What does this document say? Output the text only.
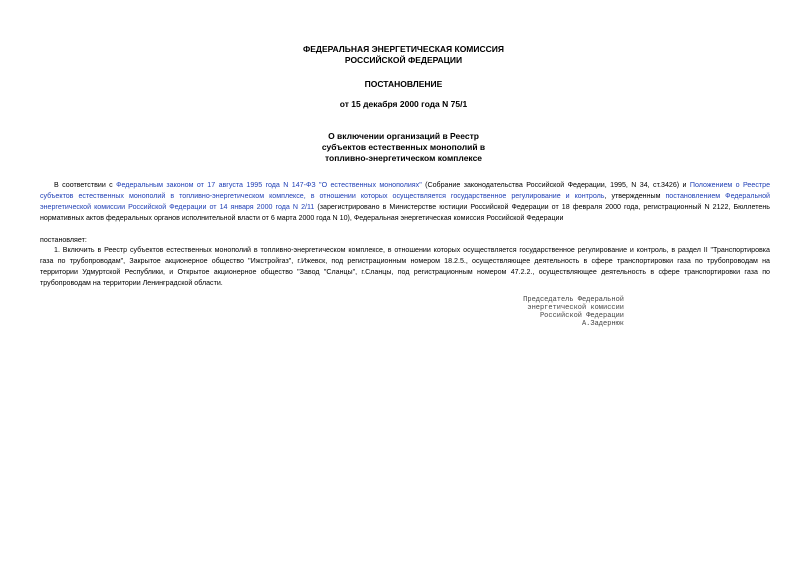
ФЕДЕРАЛЬНАЯ ЭНЕРГЕТИЧЕСКАЯ КОМИССИЯ
РОССИЙСКОЙ ФЕДЕРАЦИИ
ПОСТАНОВЛЕНИЕ
от 15 декабря 2000 года N 75/1
О включении организаций в Реестр
субъектов естественных монополий в
топливно-энергетическом комплексе
В соответствии с Федеральным законом от 17 августа 1995 года N 147-ФЗ "О естественных монополиях" (Собрание законодательства Российской Федерации, 1995, N 34, ст.3426) и Положением о Реестре
субъектов естественных монополий в топливно-энергетическом комплексе, в отношении которых осуществляется государственное регулирование и контроль, утвержденным постановлением Федеральной
энергетической комиссии Российской Федерации от 14 января 2000 года N 2/11 (зарегистрировано в Министерстве юстиции Российской Федерации от 18 февраля 2000 года, регистрационный N 2122, Бюллетень
нормативных актов федеральных органов исполнительной власти от 6 марта 2000 года N 10), Федеральная энергетическая комиссия Российской Федерации
постановляет:
1. Включить в Реестр субъектов естественных монополий в топливно-энергетическом комплексе, в отношении которых осуществляется государственное регулирование и контроль, в раздел II "Транспортировка
газа по трубопроводам", Закрытое акционерное общество "Ижстройгаз", г.Ижевск, под регистрационным номером 18.2.5., осуществляющее деятельность в сфере транспортировки газа по трубопроводам на
территории Удмуртской Республики, и Открытое акционерное общество "Завод "Сланцы", г.Сланцы, под регистрационным номером 47.2.2., осуществляющее деятельность в сфере транспортировки газа по
трубопроводам на территории Ленинградской области.
Председатель Федеральной
энергетической комиссии
Российской Федерации
А.Задернюк
